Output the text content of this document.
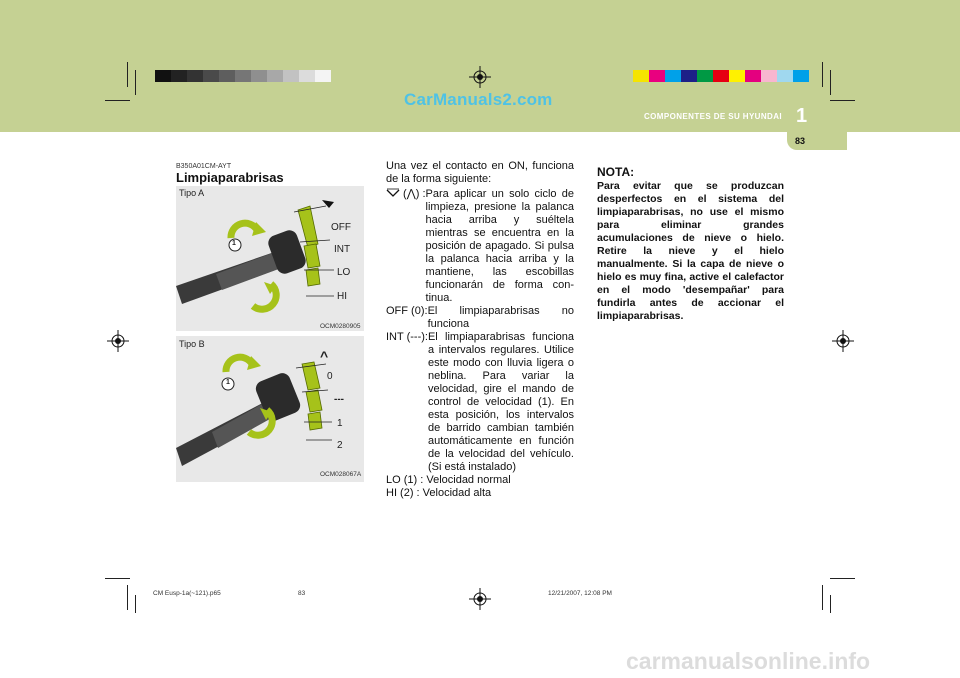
CarManuals2.com
COMPONENTES DE SU HYUNDAI 1
83
B350A01CM-AYT
Limpiaparabrisas
Tipo A
OFF
INT
LO
HI
1
OCM0280905
Tipo B
^
0
---
1
2
1
OCM028067A

Una vez el contacto en ON, funciona de la forma siguiente:

(⋀) : Para aplicar un solo ciclo de limpieza, presione la palanca hacia arriba y suéltela mientras se encuentra en la posición de apagado. Si pulsa la palanca hacia arriba y la mantiene, las escobillas funcionarán de forma con- tinua.
OFF (0): El limpiaparabrisas no funciona
INT (---): El limpiaparabrisas funciona a intervalos regulares. Utilice este modo con lluvia ligera o neblina. Para variar la velocidad, gire el mando de control de velocidad (1). En esta posición, los intervalos de barrido cambian también automáticamente en función de la velocidad del vehículo. (Si está instalado)

LO (1) : Velocidad normal

HI (2) : Velocidad alta

NOTA:

Para evitar que se produzcan desperfectos en el sistema del limpiaparabrisas, no use el mismo para eliminar grandes acumulaciones de nieve o hielo. Retire la nieve y el hielo manualmente. Si la capa de nieve o hielo es muy fina, active el calefactor en el modo 'desempañar' para fundirla antes de accionar el limpiaparabrisas.

CM Eusp-1a(~121).p65	83	12/21/2007, 12:08 PM
carmanualsonline.info
